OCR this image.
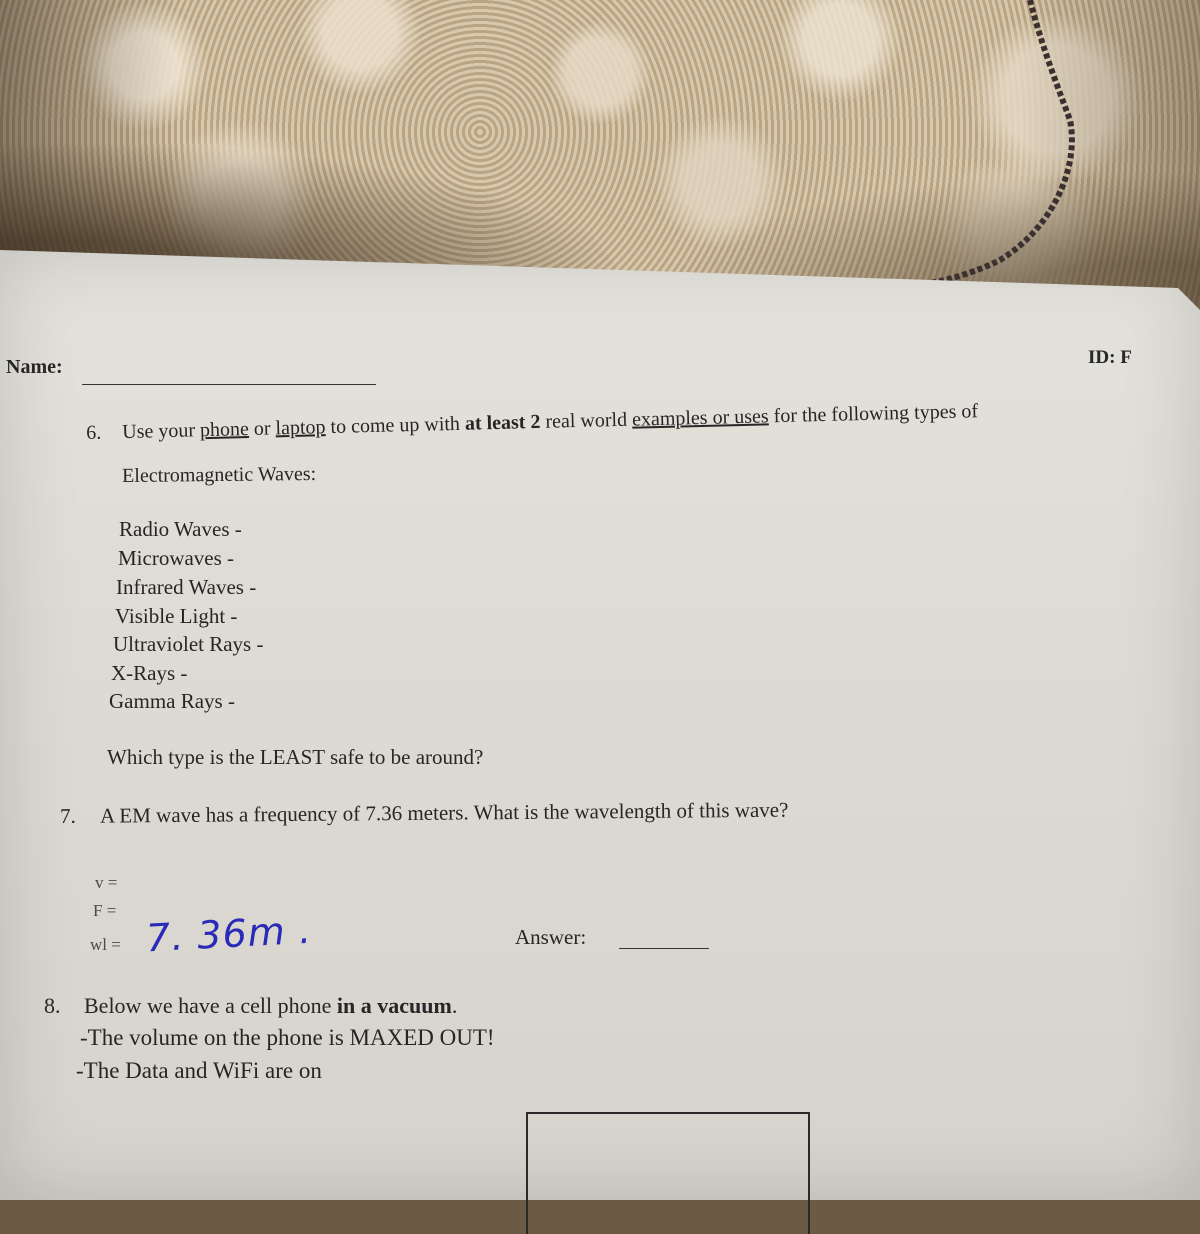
Name:	ID: F
6. Use your phone or laptop to come up with at least 2 real world examples or uses for the following types of
Electromagnetic Waves:
Radio Waves -
Microwaves -
Infrared Waves -
Visible Light -
Ultraviolet Rays -
X-Rays -
Gamma Rays -
Which type is the LEAST safe to be around?
7. A EM wave has a frequency of 7.36 meters. What is the wavelength of this wave?
v =
F =
wl = 7. 36m .	Answer:
8. Below we have a cell phone in a vacuum.
-The volume on the phone is MAXED OUT!
-The Data and WiFi are on
